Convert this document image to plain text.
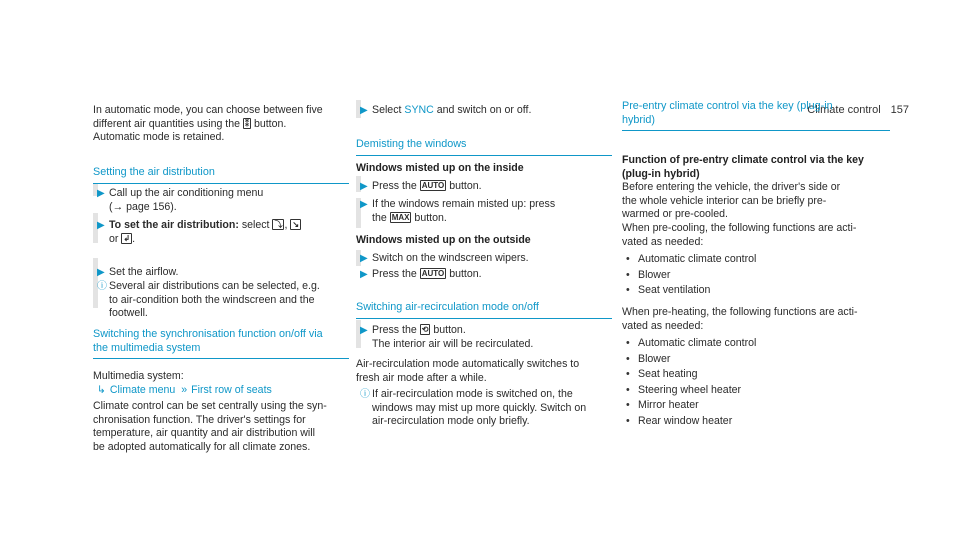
Climate control 157
In automatic mode, you can choose between five
different air quantities using the ⁑ button.
Automatic mode is retained.
Setting the air distribution
▶ Call up the air conditioning menu
(→ page 156).
▶ To set the air distribution: select ⤵ , ↘
or ↲ .
▶ Set the airflow.
ⓘ Several air distributions can be selected, e.g.
to air-condition both the windscreen and the
footwell.
Switching the synchronisation function on/off via
the multimedia system
Multimedia system:
↳ Climate menu » First row of seats
Climate control can be set centrally using the syn-
chronisation function. The driver's settings for
temperature, air quantity and air distribution will
be adopted automatically for all climate zones.
▶ Select SYNC and switch on or off.
Demisting the windows
Windows misted up on the inside
▶ Press the AUTO button.
▶ If the windows remain misted up: press
the MAX button.
Windows misted up on the outside
▶ Switch on the windscreen wipers.
▶ Press the AUTO button.
Switching air-recirculation mode on/off
▶ Press the ⟲ button.
The interior air will be recirculated.
Air-recirculation mode automatically switches to
fresh air mode after a while.
ⓘ If air-recirculation mode is switched on, the
windows may mist up more quickly. Switch on
air-recirculation mode only briefly.
Pre-entry climate control via the key (plug-in
hybrid)
Function of pre-entry climate control via the key
(plug-in hybrid)
Before entering the vehicle, the driver's side or
the whole vehicle interior can be briefly pre-
warmed or pre-cooled.
When pre-cooling, the following functions are acti-
vated as needed:
• Automatic climate control
• Blower
• Seat ventilation
When pre-heating, the following functions are acti-
vated as needed:
• Automatic climate control
• Blower
• Seat heating
• Steering wheel heater
• Mirror heater
• Rear window heater
